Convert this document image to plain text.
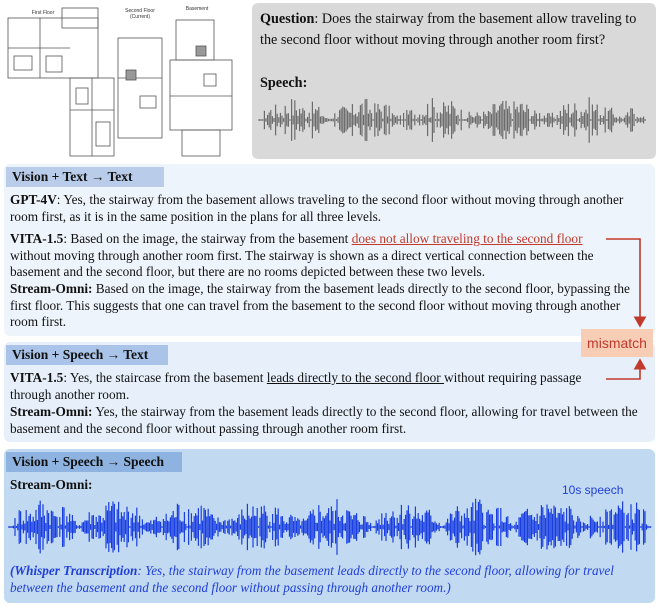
First Floor	Second Floor
(Current)
Basement
Question: Does the stairway from the basement allow traveling to the second floor without moving through another room first?
Speech:
Vision + Text → Text
GPT-4V: Yes, the stairway from the basement allows traveling to the second floor without moving through another room first, as it is in the same position in the plans for all three levels.
VITA-1.5: Based on the image, the stairway from the basement does not allow traveling to the second floor without moving through another room first. The stairway is shown as a direct vertical connection between the basement and the second floor, but there are no rooms depicted between these two levels.
Stream-Omni: Based on the image, the stairway from the basement leads directly to the second floor, bypassing the first floor. This suggests that one can travel from the basement to the second floor without moving through another room first.
Vision + Speech → Text
VITA-1.5: Yes, the staircase from the basement leads directly to the second floor without requiring passage through another room.
Stream-Omni: Yes, the stairway from the basement leads directly to the second floor, allowing for travel between the basement and the second floor without passing through another room first.
mismatch
Vision + Speech → Speech
Stream-Omni:	10s speech
(Whisper Transcription: Yes, the stairway from the basement leads directly to the second floor, allowing for travel between the basement and the second floor without passing through another room.)
